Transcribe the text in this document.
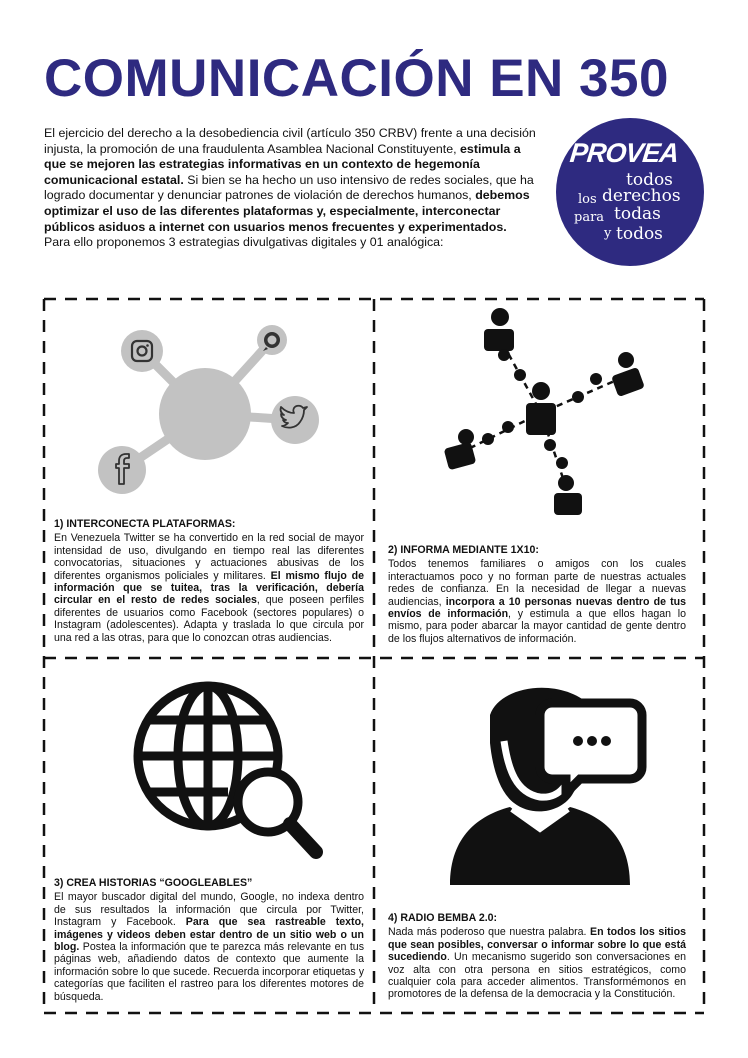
COMUNICACIÓN EN 350

El ejercicio del derecho a la desobediencia civil (artículo 350 CRBV) frente a una decisión injusta, la promoción de una fraudulenta Asamblea Nacional Constituyente, estimula a que se mejoren las estrategias informativas en un contexto de hegemonía comunicacional estatal. Si bien se ha hecho un uso intensivo de redes sociales, que ha logrado documentar y denunciar patrones de violación de derechos humanos, debemos optimizar el uso de las diferentes plataformas y, especialmente, interconectar públicos asiduos a internet con usuarios menos frecuentes y experimentados.

Para ello proponemos 3 estrategias divulgativas digitales y 01 analógica:

PROVEA
todos
los derechos
para todas
y todos
1) INTERCONECTA PLATAFORMAS:

En Venezuela Twitter se ha convertido en la red social de mayor intensidad de uso, divulgando en tiempo real las diferentes convocatorias, situaciones y actuaciones abusivas de los diferentes organismos policiales y militares. El mismo flujo de información que se tuitea, tras la verificación, debería circular en el resto de redes sociales, que poseen perfiles diferentes de usuarios como Facebook (sectores populares) o Instagram (adolescentes). Adapta y traslada lo que circula por una red a las otras, para que lo conozcan otras audiencias.

2) INFORMA MEDIANTE 1X10:

Todos tenemos familiares o amigos con los cuales interactuamos poco y no forman parte de nuestras actuales redes de confianza. En la necesidad de llegar a nuevas audiencias, incorpora a 10 personas nuevas dentro de tus envíos de información, y estimula a que ellos hagan lo mismo, para poder abarcar la mayor cantidad de gente dentro de los flujos alternativos de información.

3) CREA HISTORIAS “GOOGLEABLES”

El mayor buscador digital del mundo, Google, no indexa dentro de sus resultados la información que circula por Twitter, Instagram y Facebook. Para que sea rastreable texto, imágenes y videos deben estar dentro de un sitio web o un blog. Postea la información que te parezca más relevante en tus páginas web, añadiendo datos de contexto que aumente la información sobre lo que sucede. Recuerda incorporar etiquetas y categorías que faciliten el rastreo para los diferentes motores de búsqueda.

4) RADIO BEMBA 2.0:

Nada más poderoso que nuestra palabra. En todos los sitios que sean posibles, conversar o informar sobre lo que está sucediendo. Un mecanismo sugerido son conversaciones en voz alta con otra persona en sitios estratégicos, como cualquier cola para acceder alimentos. Transformémonos en promotores de la defensa de la democracia y la Constitución.
